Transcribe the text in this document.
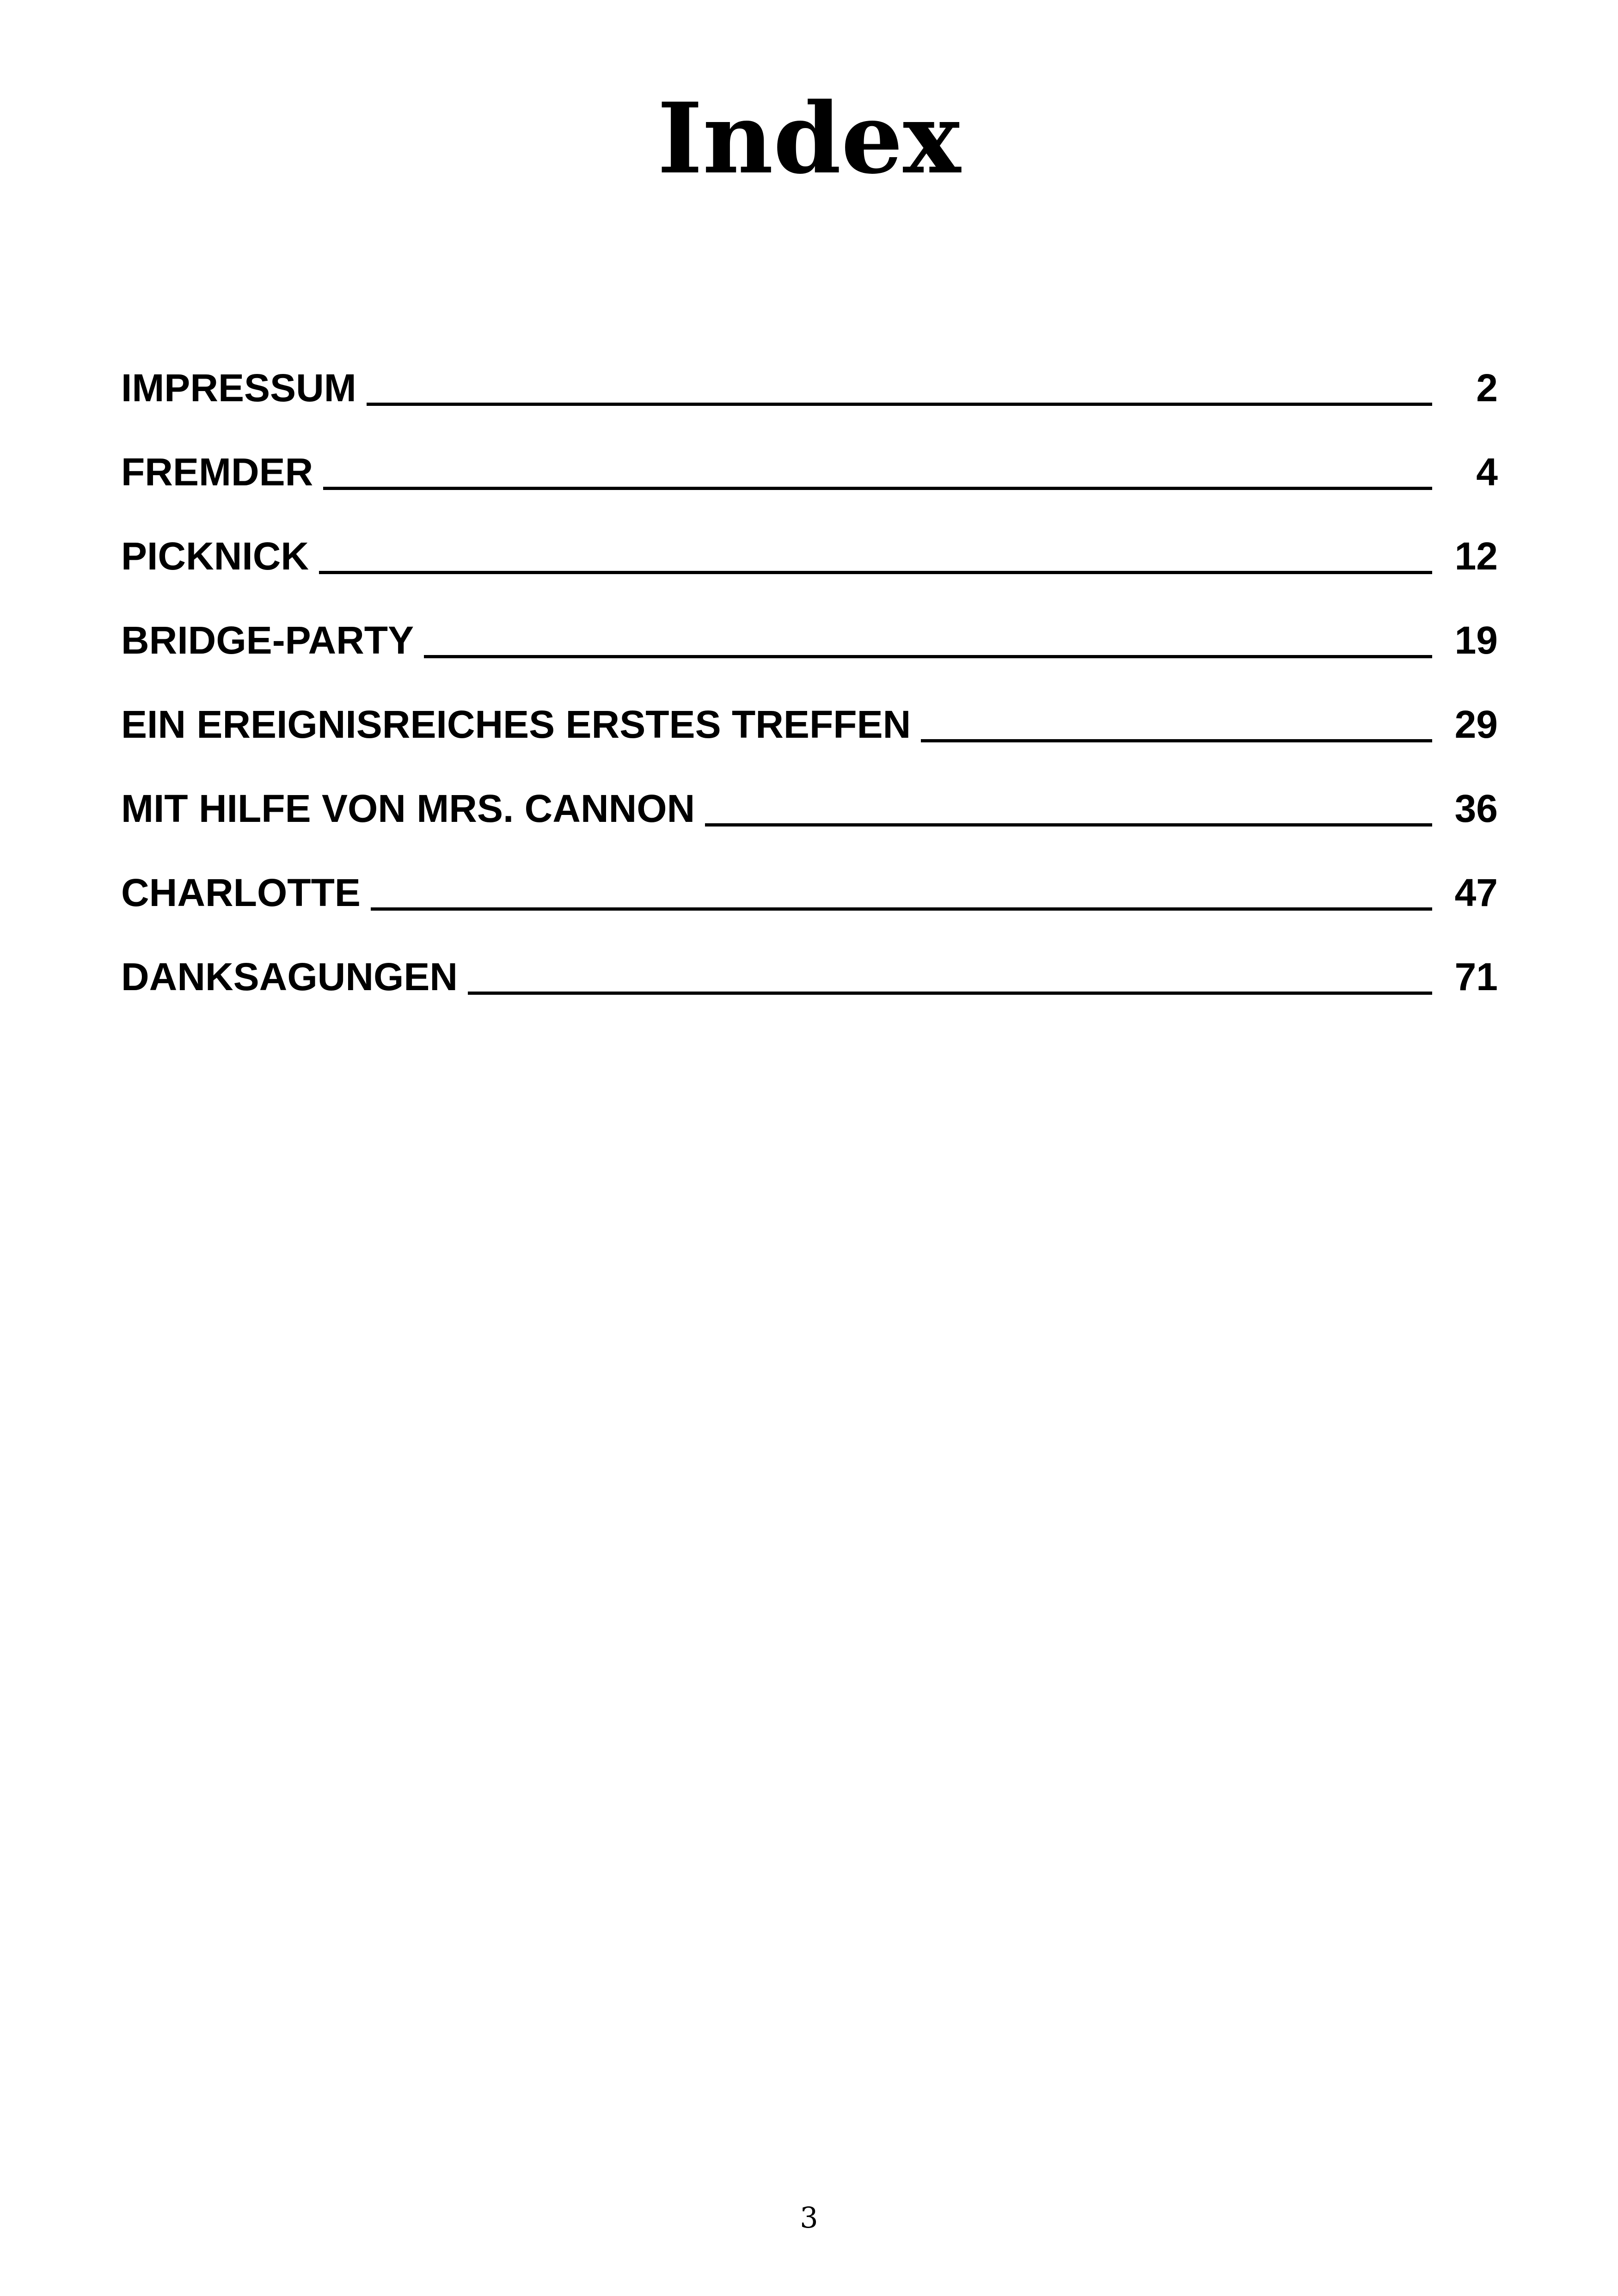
Index
IMPRESSUM	2
FREMDER	4
PICKNICK	12
BRIDGE-PARTY	19
EIN EREIGNISREICHES ERSTES TREFFEN	29
MIT HILFE VON MRS. CANNON	36
CHARLOTTE	47
DANKSAGUNGEN	71
3
